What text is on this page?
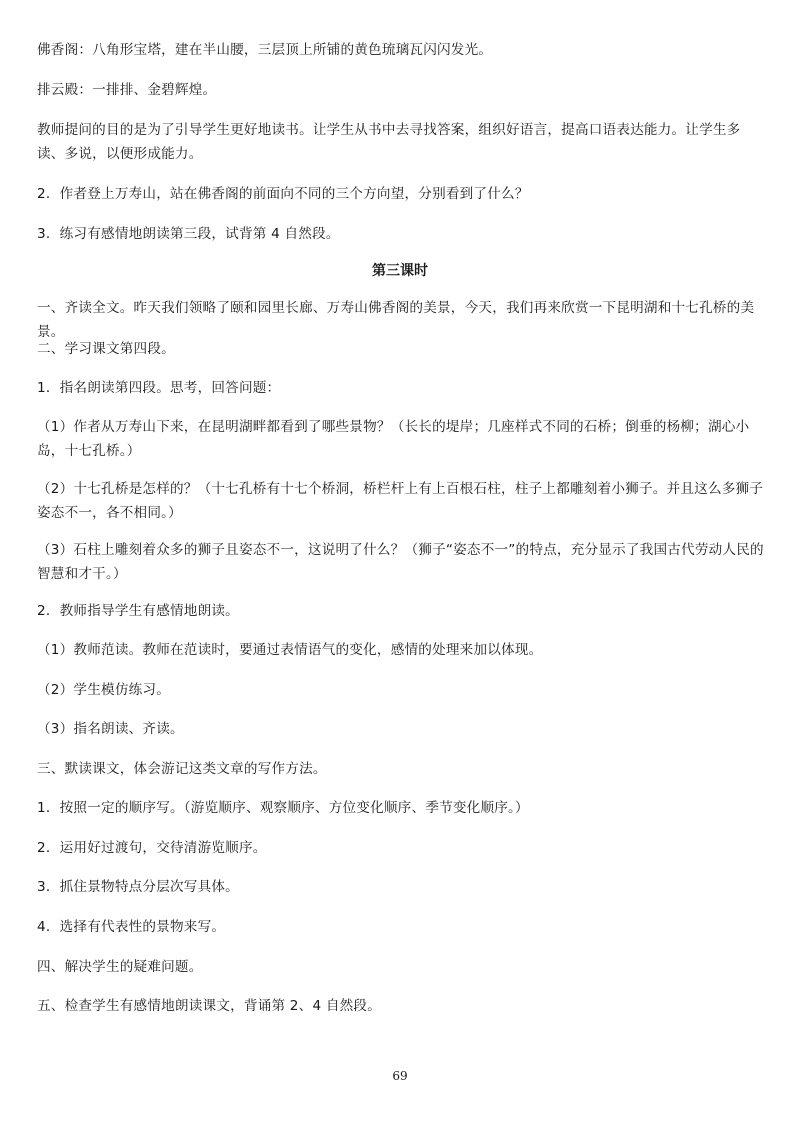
佛香阁：八角形宝塔，建在半山腰，三层顶上所铺的黄色琉璃瓦闪闪发光。
排云殿：一排排、金碧辉煌。
教师提问的目的是为了引导学生更好地读书。让学生从书中去寻找答案，组织好语言，提高口语表达能力。让学生多读、多说，以便形成能力。
2．作者登上万寿山，站在佛香阁的前面向不同的三个方向望，分别看到了什么？
3．练习有感情地朗读第三段，试背第 4 自然段。
第三课时
一、齐读全文。昨天我们领略了颐和园里长廊、万寿山佛香阁的美景，今天，我们再来欣赏一下昆明湖和十七孔桥的美景。
二、学习课文第四段。
1．指名朗读第四段。思考，回答问题：
（1）作者从万寿山下来，在昆明湖畔都看到了哪些景物？（长长的堤岸；几座样式不同的石桥；倒垂的杨柳；湖心小岛，十七孔桥。）
（2）十七孔桥是怎样的？（十七孔桥有十七个桥洞，桥栏杆上有上百根石柱，柱子上都雕刻着小狮子。并且这么多狮子姿态不一，各不相同。）
（3）石柱上雕刻着众多的狮子且姿态不一，这说明了什么？（狮子“姿态不一”的特点，充分显示了我国古代劳动人民的智慧和才干。）
2．教师指导学生有感情地朗读。
（1）教师范读。教师在范读时，要通过表情语气的变化，感情的处理来加以体现。
（2）学生模仿练习。
（3）指名朗读、齐读。
三、默读课文，体会游记这类文章的写作方法。
1．按照一定的顺序写。（游览顺序、观察顺序、方位变化顺序、季节变化顺序。）
2．运用好过渡句，交待清游览顺序。
3．抓住景物特点分层次写具体。
4．选择有代表性的景物来写。
四、解决学生的疑难问题。
五、检查学生有感情地朗读课文，背诵第 2、4 自然段。
69
